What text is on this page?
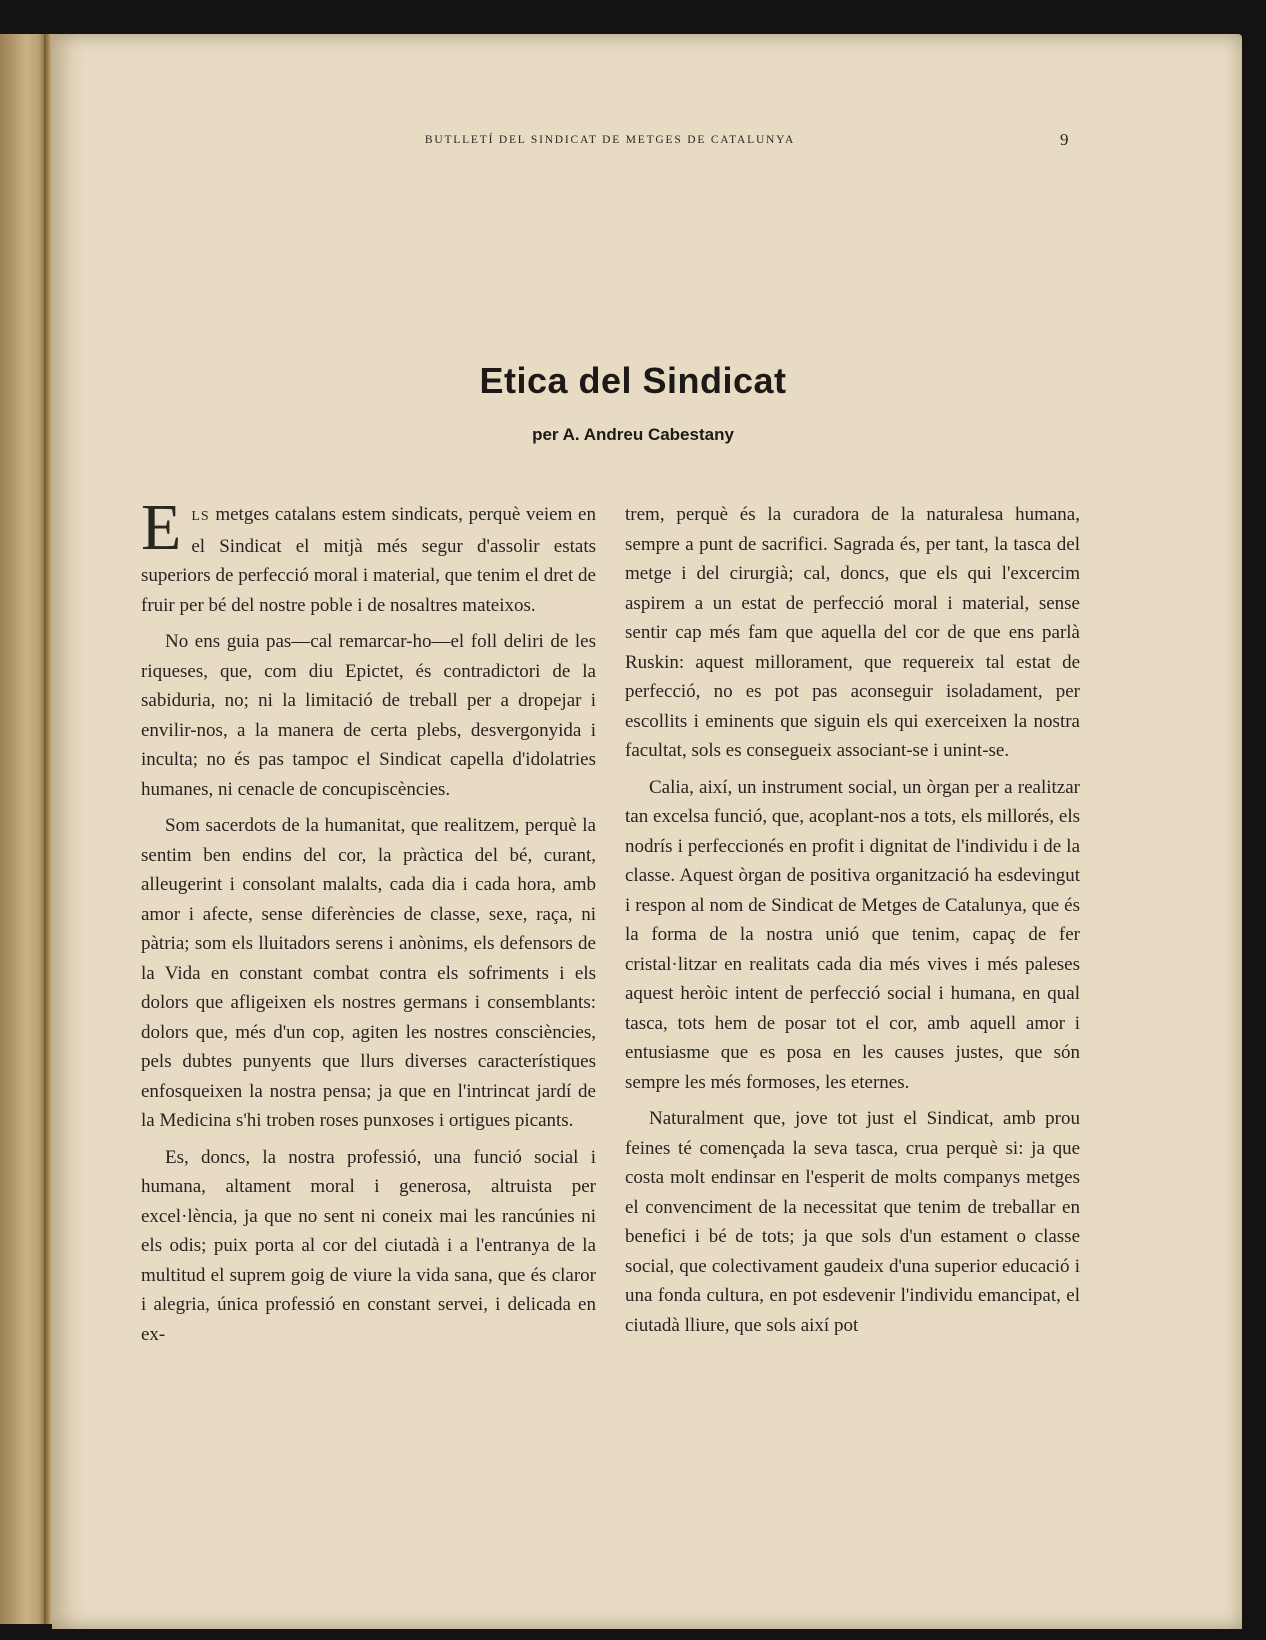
BUTLLETÍ DEL SINDICAT DE METGES DE CATALUNYA	9
Etica del Sindicat
per A. Andreu Cabestany

ELS metges catalans estem sindicats, perquè veiem en el Sindicat el mitjà més segur d'assolir estats superiors de perfecció moral i material, que tenim el dret de fruir per bé del nostre poble i de nosaltres mateixos.

No ens guia pas—cal remarcar-ho—el foll deliri de les riqueses, que, com diu Epictet, és contradictori de la sabiduria, no; ni la limitació de treball per a dropejar i envilir-nos, a la manera de certa plebs, desvergonyida i inculta; no és pas tampoc el Sindicat capella d'idolatries humanes, ni cenacle de concupiscències.

Som sacerdots de la humanitat, que realitzem, perquè la sentim ben endins del cor, la pràctica del bé, curant, alleugerint i consolant malalts, cada dia i cada hora, amb amor i afecte, sense diferències de classe, sexe, raça, ni pàtria; som els lluitadors serens i anònims, els defensors de la Vida en constant combat contra els sofriments i els dolors que afligeixen els nostres germans i consemblants: dolors que, més d'un cop, agiten les nostres consciències, pels dubtes punyents que llurs diverses característiques enfosqueixen la nostra pensa; ja que en l'intrincat jardí de la Medicina s'hi troben roses punxoses i ortigues picants.

Es, doncs, la nostra professió, una funció social i humana, altament moral i generosa, altruista per excel·lència, ja que no sent ni coneix mai les rancúnies ni els odis; puix porta al cor del ciutadà i a l'entranya de la multitud el suprem goig de viure la vida sana, que és claror i alegria, única professió en constant servei, i delicada en ex-

trem, perquè és la curadora de la naturalesa humana, sempre a punt de sacrifici. Sagrada és, per tant, la tasca del metge i del cirurgià; cal, doncs, que els qui l'excercim aspirem a un estat de perfecció moral i material, sense sentir cap més fam que aquella del cor de que ens parlà Ruskin: aquest millorament, que requereix tal estat de perfecció, no es pot pas aconseguir isoladament, per escollits i eminents que siguin els qui exerceixen la nostra facultat, sols es consegueix associant-se i unint-se.

Calia, així, un instrument social, un òrgan per a realitzar tan excelsa funció, que, acoplant-nos a tots, els millorés, els nodrís i perfeccionés en profit i dignitat de l'individu i de la classe. Aquest òrgan de positiva organització ha esdevingut i respon al nom de Sindicat de Metges de Catalunya, que és la forma de la nostra unió que tenim, capaç de fer cristal·litzar en realitats cada dia més vives i més paleses aquest heròic intent de perfecció social i humana, en qual tasca, tots hem de posar tot el cor, amb aquell amor i entusiasme que es posa en les causes justes, que són sempre les més formoses, les eternes.

Naturalment que, jove tot just el Sindicat, amb prou feines té començada la seva tasca, crua perquè si: ja que costa molt endinsar en l'esperit de molts companys metges el convenciment de la necessitat que tenim de treballar en benefici i bé de tots; ja que sols d'un estament o classe social, que colectivament gaudeix d'una superior educació i una fonda cultura, en pot esdevenir l'individu emancipat, el ciutadà lliure, que sols així pot
